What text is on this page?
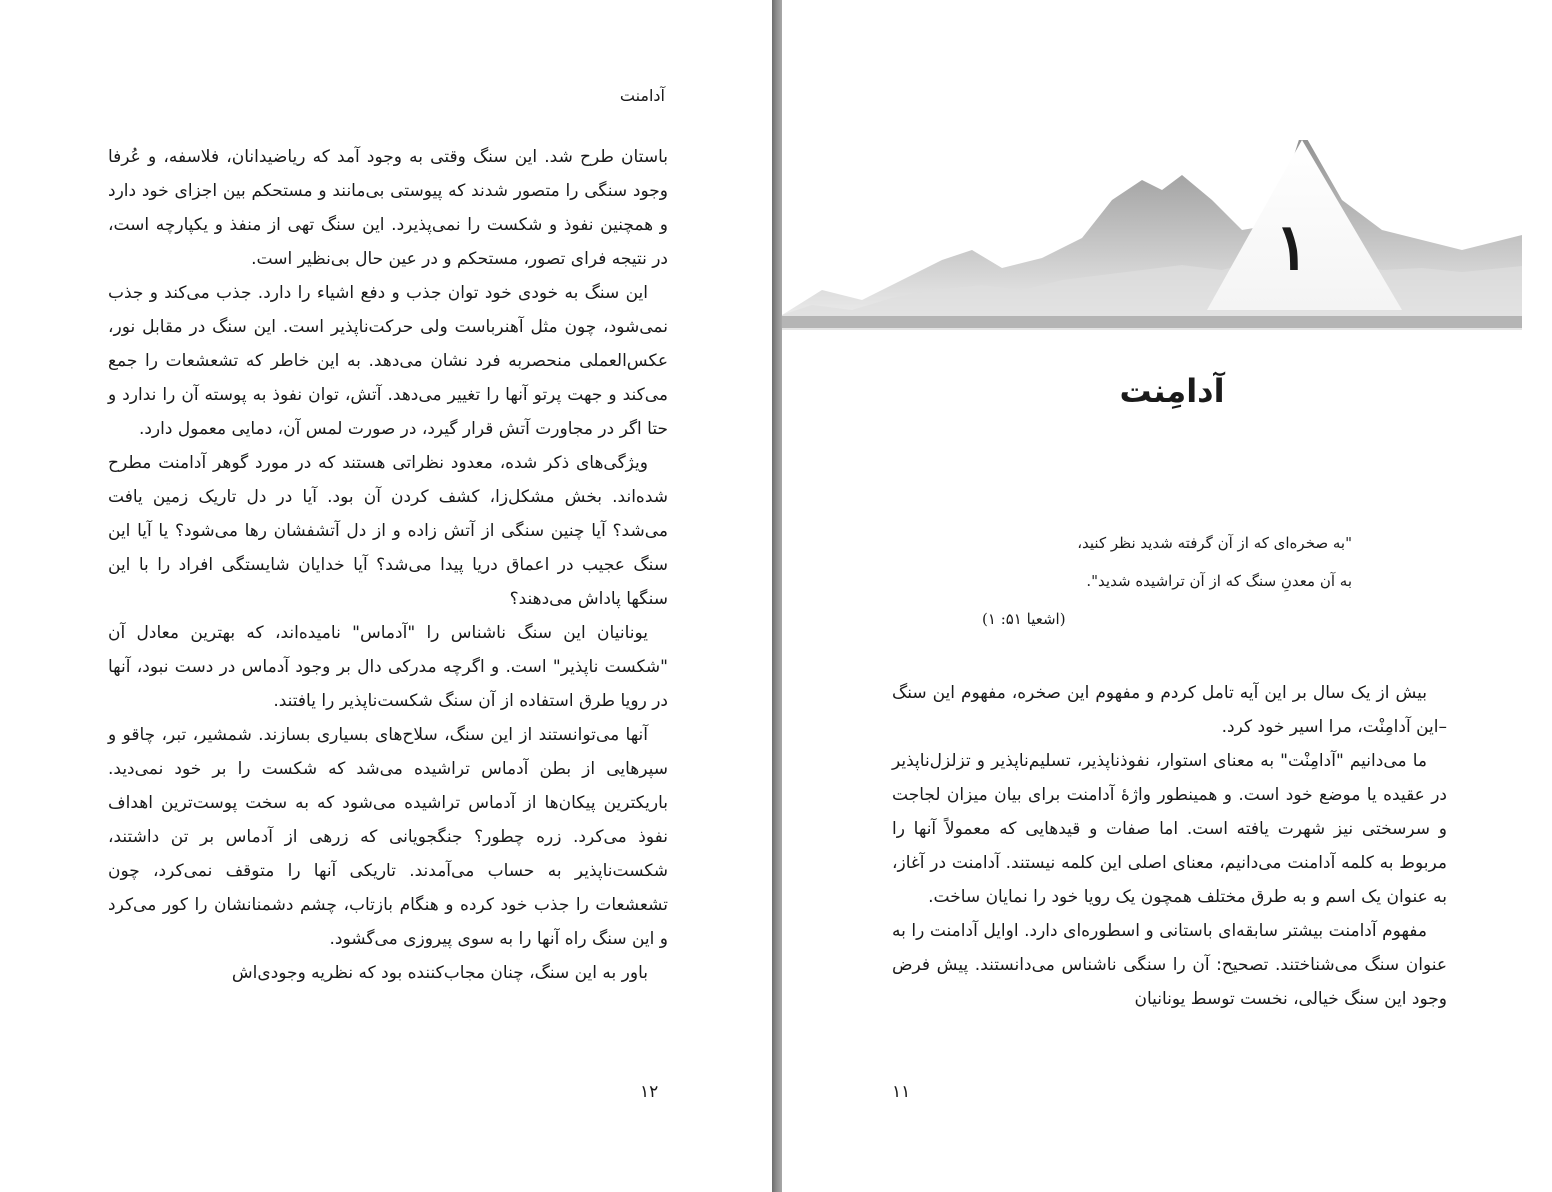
آدامنت

باستان طرح شد. این سنگ وقتی به وجود آمد که ریاضیدانان، فلاسفه، و عُرفا وجود سنگی را متصور شدند که پیوستی بی‌مانند و مستحکم بین اجزای خود دارد و همچنین نفوذ و شکست را نمی‌پذیرد. این سنگ تهی از منفذ و یکپارچه است، در نتیجه فرای تصور، مستحکم و در عین حال بی‌نظیر است.

این سنگ به خودی خود توان جذب و دفع اشیاء را دارد. جذب می‌کند و جذب نمی‌شود، چون مثل آهنرباست ولی حرکت‌ناپذیر است. این سنگ در مقابل نور، عکس‌العملی منحصربه فرد نشان می‌دهد. به این خاطر که تشعشعات را جمع می‌کند و جهت پرتو آنها را تغییر می‌دهد. آتش، توان نفوذ به پوسته آن را ندارد و حتا اگر در مجاورت آتش قرار گیرد، در صورت لمس آن، دمایی معمول دارد.

ویژگی‌های ذکر شده، معدود نظراتی هستند که در مورد گوهر آدامنت مطرح شده‌اند. بخش مشکل‌زا، کشف کردن آن بود. آیا در دل تاریک زمین یافت می‌شد؟ آیا چنین سنگی از آتش زاده و از دل آتشفشان رها می‌شود؟ یا آیا این سنگ عجیب در اعماق دریا پیدا می‌شد؟ آیا خدایان شایستگی افراد را با این سنگها پاداش می‌دهند؟

یونانیان این سنگ ناشناس را "آدماس" نامیده‌اند، که بهترین معادل آن "شکست ناپذیر" است. و اگرچه مدرکی دال بر وجود آدماس در دست نبود، آنها در رویا طرق استفاده از آن سنگ شکست‌ناپذیر را یافتند.

آنها می‌توانستند از این سنگ، سلاح‌های بسیاری بسازند. شمشیر، تبر، چاقو و سپرهایی از بطن آدماس تراشیده می‌شد که شکست را بر خود نمی‌دید. باریکترین پیکان‌ها از آدماس تراشیده می‌شود که به سخت پوست‌ترین اهداف نفوذ می‌کرد. زره چطور؟ جنگجویانی که زرهی از آدماس بر تن داشتند، شکست‌ناپذیر به حساب می‌آمدند. تاریکی آنها را متوقف نمی‌کرد، چون تشعشعات را جذب خود کرده و هنگام بازتاب، چشم دشمنانشان را کور می‌کرد و این سنگ راه آنها را به سوی پیروزی می‌گشود.

باور به این سنگ، چنان مجاب‌کننده بود که نظریه وجودی‌اش

۱۲
۱
آدامِنت
"به صخره‌ای که از آن گرفته شدید نظر کنید،
به آن معدنِ سنگ که از آن تراشیده شدید".
(اشعیا ۵۱: ۱)

بیش از یک سال بر این آیه تامل کردم و مفهوم این صخره، مفهوم این سنگ –این آدامِنْت، مرا اسیر خود کرد.

ما می‌دانیم "آدامِنْت" به معنای استوار، نفوذناپذیر، تسلیم‌ناپذیر و تزلزل‌ناپذیر در عقیده یا موضع خود است. و همینطور واژهٔ آدامنت برای بیان میزان لجاجت و سرسختی نیز شهرت یافته است. اما صفات و قیدهایی که معمولاً آنها را مربوط به کلمه آدامنت می‌دانیم، معنای اصلی این کلمه نیستند. آدامنت در آغاز، به عنوان یک اسم و به طرق مختلف همچون یک رویا خود را نمایان ساخت.

مفهوم آدامنت بیشتر سابقه‌ای باستانی و اسطوره‌ای دارد. اوایل آدامنت را به عنوان سنگ می‌شناختند. تصحیح: آن را سنگی ناشناس می‌دانستند. پیش فرض وجود این سنگ خیالی، نخست توسط یونانیان

۱۱
